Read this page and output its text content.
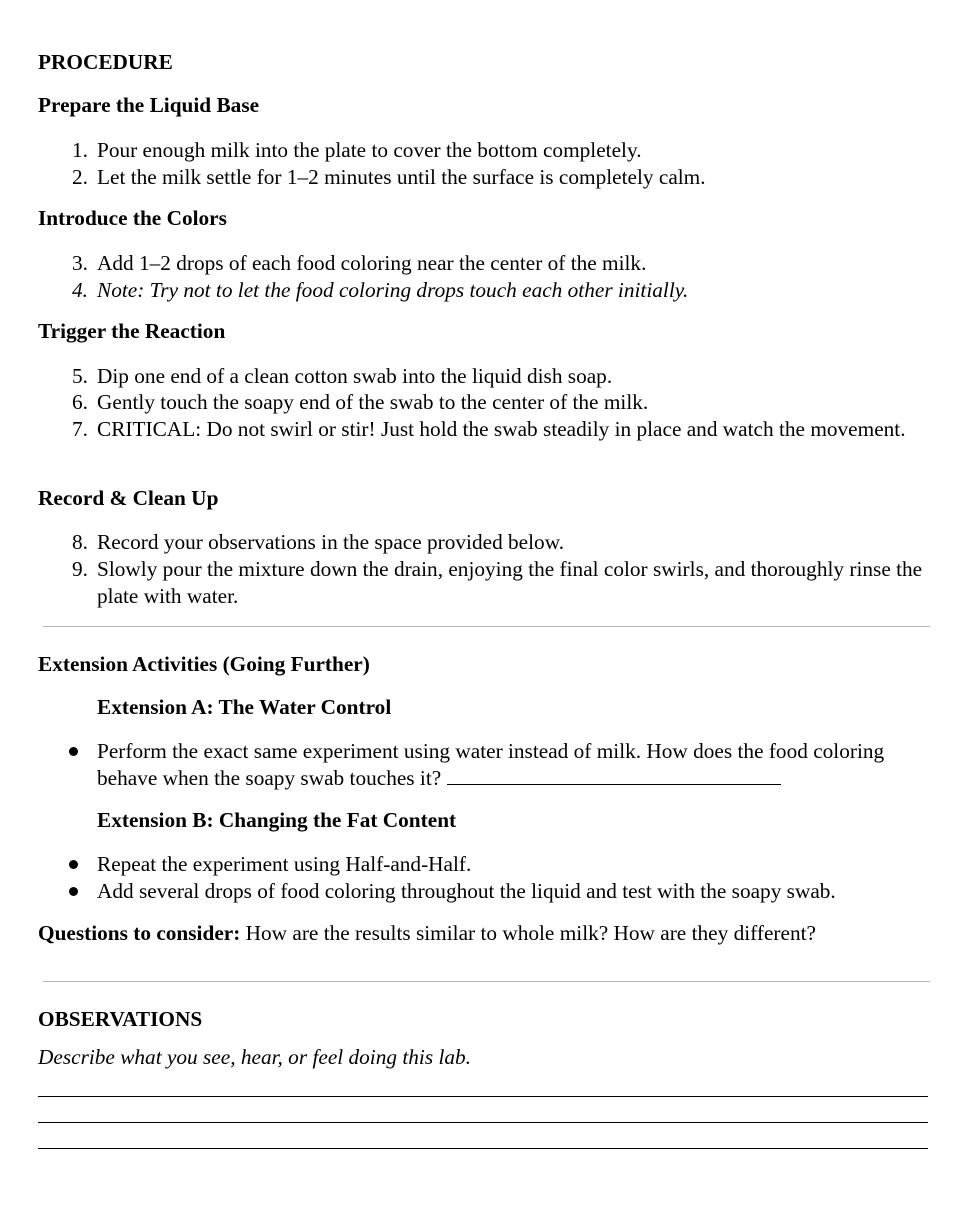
PROCEDURE
Prepare the Liquid Base
1. Pour enough milk into the plate to cover the bottom completely.
2. Let the milk settle for 1–2 minutes until the surface is completely calm.
Introduce the Colors
3. Add 1–2 drops of each food coloring near the center of the milk.
4. Note: Try not to let the food coloring drops touch each other initially.
Trigger the Reaction
5. Dip one end of a clean cotton swab into the liquid dish soap.
6. Gently touch the soapy end of the swab to the center of the milk.
7. CRITICAL: Do not swirl or stir! Just hold the swab steadily in place and watch the movement.
Record & Clean Up
8. Record your observations in the space provided below.
9. Slowly pour the mixture down the drain, enjoying the final color swirls, and thoroughly rinse the plate with water.
Extension Activities (Going Further)
Extension A: The Water Control
Perform the exact same experiment using water instead of milk. How does the food coloring behave when the soapy swab touches it?
Extension B: Changing the Fat Content
Repeat the experiment using Half-and-Half.
Add several drops of food coloring throughout the liquid and test with the soapy swab.
Questions to consider: How are the results similar to whole milk? How are they different?
OBSERVATIONS
Describe what you see, hear, or feel doing this lab.
